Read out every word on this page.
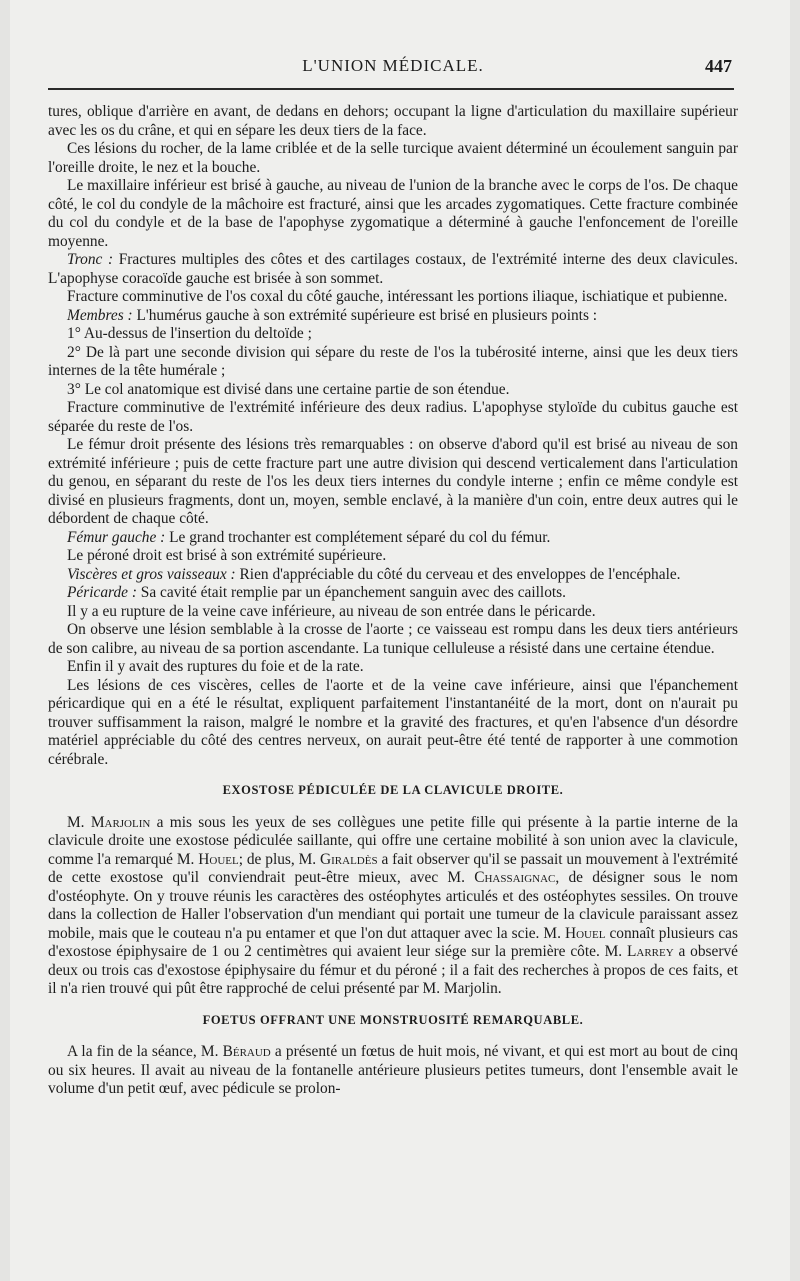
L'UNION MÉDICALE.	447

tures, oblique d'arrière en avant, de dedans en dehors; occupant la ligne d'articulation du maxillaire supérieur avec les os du crâne, et qui en sépare les deux tiers de la face.

Ces lésions du rocher, de la lame criblée et de la selle turcique avaient déterminé un écoulement sanguin par l'oreille droite, le nez et la bouche.

Le maxillaire inférieur est brisé à gauche, au niveau de l'union de la branche avec le corps de l'os. De chaque côté, le col du condyle de la mâchoire est fracturé, ainsi que les arcades zygomatiques. Cette fracture combinée du col du condyle et de la base de l'apophyse zygomatique a déterminé à gauche l'enfoncement de l'oreille moyenne.

Tronc : Fractures multiples des côtes et des cartilages costaux, de l'extrémité interne des deux clavicules. L'apophyse coracoïde gauche est brisée à son sommet.

Fracture comminutive de l'os coxal du côté gauche, intéressant les portions iliaque, ischiatique et pubienne.

Membres : L'humérus gauche à son extrémité supérieure est brisé en plusieurs points :

1° Au-dessus de l'insertion du deltoïde ;

2° De là part une seconde division qui sépare du reste de l'os la tubérosité interne, ainsi que les deux tiers internes de la tête humérale ;

3° Le col anatomique est divisé dans une certaine partie de son étendue.

Fracture comminutive de l'extrémité inférieure des deux radius. L'apophyse styloïde du cubitus gauche est séparée du reste de l'os.

Le fémur droit présente des lésions très remarquables : on observe d'abord qu'il est brisé au niveau de son extrémité inférieure ; puis de cette fracture part une autre division qui descend verticalement dans l'articulation du genou, en séparant du reste de l'os les deux tiers internes du condyle interne ; enfin ce même condyle est divisé en plusieurs fragments, dont un, moyen, semble enclavé, à la manière d'un coin, entre deux autres qui le débordent de chaque côté.

Fémur gauche : Le grand trochanter est complétement séparé du col du fémur.

Le péroné droit est brisé à son extrémité supérieure.

Viscères et gros vaisseaux : Rien d'appréciable du côté du cerveau et des enveloppes de l'encéphale.

Péricarde : Sa cavité était remplie par un épanchement sanguin avec des caillots.

Il y a eu rupture de la veine cave inférieure, au niveau de son entrée dans le péricarde.

On observe une lésion semblable à la crosse de l'aorte ; ce vaisseau est rompu dans les deux tiers antérieurs de son calibre, au niveau de sa portion ascendante. La tunique celluleuse a résisté dans une certaine étendue.

Enfin il y avait des ruptures du foie et de la rate.

Les lésions de ces viscères, celles de l'aorte et de la veine cave inférieure, ainsi que l'épanchement péricardique qui en a été le résultat, expliquent parfaitement l'instantanéité de la mort, dont on n'aurait pu trouver suffisamment la raison, malgré le nombre et la gravité des fractures, et qu'en l'absence d'un désordre matériel appréciable du côté des centres nerveux, on aurait peut-être été tenté de rapporter à une commotion cérébrale.

EXOSTOSE PÉDICULÉE DE LA CLAVICULE DROITE.

M. Marjolin a mis sous les yeux de ses collègues une petite fille qui présente à la partie interne de la clavicule droite une exostose pédiculée saillante, qui offre une certaine mobilité à son union avec la clavicule, comme l'a remarqué M. Houel; de plus, M. Giraldès a fait observer qu'il se passait un mouvement à l'extrémité de cette exostose qu'il conviendrait peut-être mieux, avec M. Chassaignac, de désigner sous le nom d'ostéophyte. On y trouve réunis les caractères des ostéophytes articulés et des ostéophytes sessiles. On trouve dans la collection de Haller l'observation d'un mendiant qui portait une tumeur de la clavicule paraissant assez mobile, mais que le couteau n'a pu entamer et que l'on dut attaquer avec la scie. M. Houel connaît plusieurs cas d'exostose épiphysaire de 1 ou 2 centimètres qui avaient leur siége sur la première côte. M. Larrey a observé deux ou trois cas d'exostose épiphysaire du fémur et du péroné ; il a fait des recherches à propos de ces faits, et il n'a rien trouvé qui pût être rapproché de celui présenté par M. Marjolin.

FOETUS OFFRANT UNE MONSTRUOSITÉ REMARQUABLE.

A la fin de la séance, M. Béraud a présenté un fœtus de huit mois, né vivant, et qui est mort au bout de cinq ou six heures. Il avait au niveau de la fontanelle antérieure plusieurs petites tumeurs, dont l'ensemble avait le volume d'un petit œuf, avec pédicule se prolon-
